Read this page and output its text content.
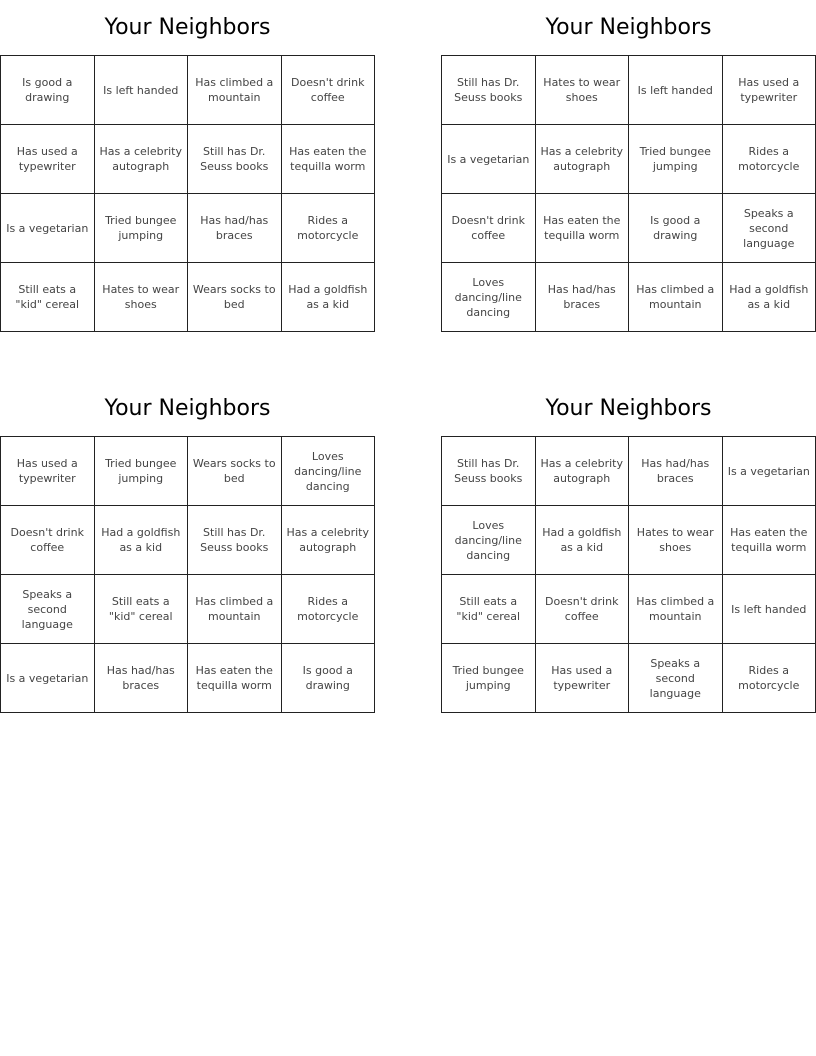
Your Neighbors
Is good a drawing	Is left handed	Has climbed a mountain	Doesn't drink coffee
Has used a typewriter	Has a celebrity autograph	Still has Dr. Seuss books	Has eaten the tequilla worm
Is a vegetarian	Tried bungee jumping	Has had/has braces	Rides a motorcycle
Still eats a "kid" cereal	Hates to wear shoes	Wears socks to bed	Had a goldfish as a kid
Your Neighbors
Still has Dr. Seuss books	Hates to wear shoes	Is left handed	Has used a typewriter
Is a vegetarian	Has a celebrity autograph	Tried bungee jumping	Rides a motorcycle
Doesn't drink coffee	Has eaten the tequilla worm	Is good a drawing	Speaks a second language
Loves dancing/line dancing	Has had/has braces	Has climbed a mountain	Had a goldfish as a kid
Your Neighbors
Has used a typewriter	Tried bungee jumping	Wears socks to bed	Loves dancing/line dancing
Doesn't drink coffee	Had a goldfish as a kid	Still has Dr. Seuss books	Has a celebrity autograph
Speaks a second language	Still eats a "kid" cereal	Has climbed a mountain	Rides a motorcycle
Is a vegetarian	Has had/has braces	Has eaten the tequilla worm	Is good a drawing
Your Neighbors
Still has Dr. Seuss books	Has a celebrity autograph	Has had/has braces	Is a vegetarian
Loves dancing/line dancing	Had a goldfish as a kid	Hates to wear shoes	Has eaten the tequilla worm
Still eats a "kid" cereal	Doesn't drink coffee	Has climbed a mountain	Is left handed
Tried bungee jumping	Has used a typewriter	Speaks a second language	Rides a motorcycle
